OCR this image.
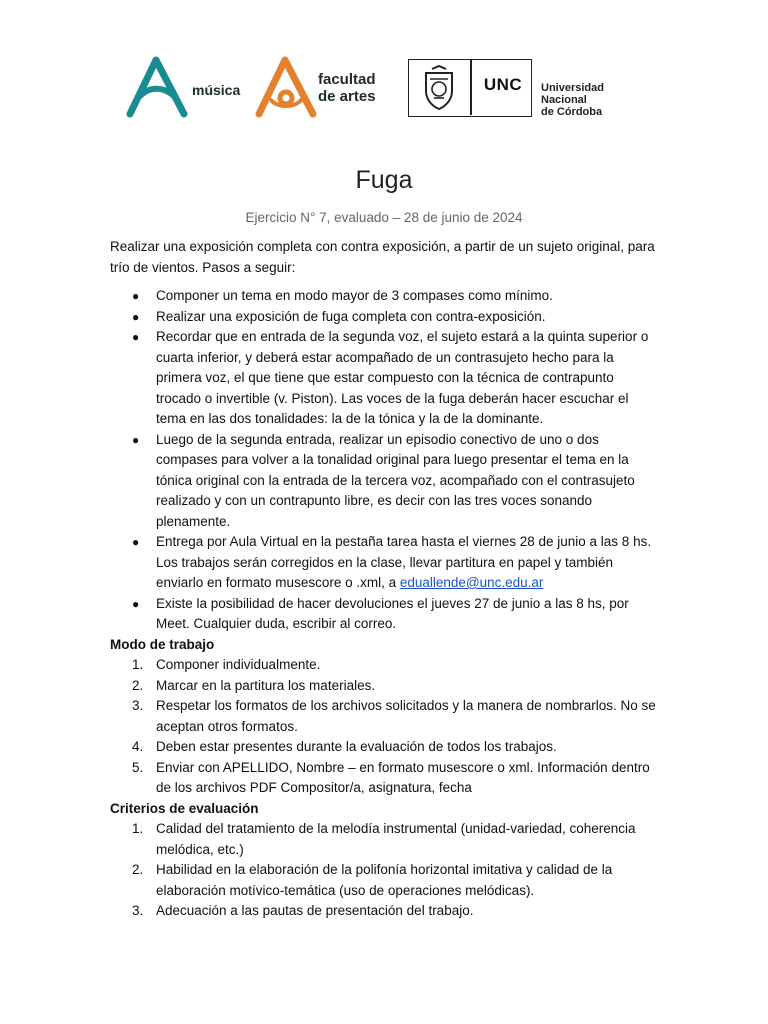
música
facultad
de artes
UNC	Universidad
Nacional
de Córdoba
Fuga
Ejercicio N° 7, evaluado – 28 de junio de 2024

Realizar una exposición completa con contra exposición, a partir de un sujeto original, para trío de vientos. Pasos a seguir:

● Componer un tema en modo mayor de 3 compases como mínimo.
● Realizar una exposición de fuga completa con contra-exposición.
● Recordar que en entrada de la segunda voz, el sujeto estará a la quinta superior o cuarta inferior, y deberá estar acompañado de un contrasujeto hecho para la primera voz, el que tiene que estar compuesto con la técnica de contrapunto trocado o invertible (v. Piston). Las voces de la fuga deberán hacer escuchar el tema en las dos tonalidades: la de la tónica y la de la dominante.
● Luego de la segunda entrada, realizar un episodio conectivo de uno o dos compases para volver a la tonalidad original para luego presentar el tema en la tónica original con la entrada de la tercera voz, acompañado con el contrasujeto realizado y con un contrapunto libre, es decir con las tres voces sonando plenamente.
● Entrega por Aula Virtual en la pestaña tarea hasta el viernes 28 de junio a las 8 hs. Los trabajos serán corregidos en la clase, llevar partitura en papel y también enviarlo en formato musescore o .xml, a eduallende@unc.edu.ar
● Existe la posibilidad de hacer devoluciones el jueves 27 de junio a las 8 hs, por Meet. Cualquier duda, escribir al correo.
Modo de trabajo
1. Componer individualmente.
2. Marcar en la partitura los materiales.
3. Respetar los formatos de los archivos solicitados y la manera de nombrarlos. No se aceptan otros formatos.
4. Deben estar presentes durante la evaluación de todos los trabajos.
5. Enviar con APELLIDO, Nombre – en formato musescore o xml. Información dentro de los archivos PDF Compositor/a, asignatura, fecha
Criterios de evaluación
1. Calidad del tratamiento de la melodía instrumental (unidad-variedad, coherencia melódica, etc.)
2. Habilidad en la elaboración de la polifonía horizontal imitativa y calidad de la elaboración motívico-temática (uso de operaciones melódicas).
3. Adecuación a las pautas de presentación del trabajo.
